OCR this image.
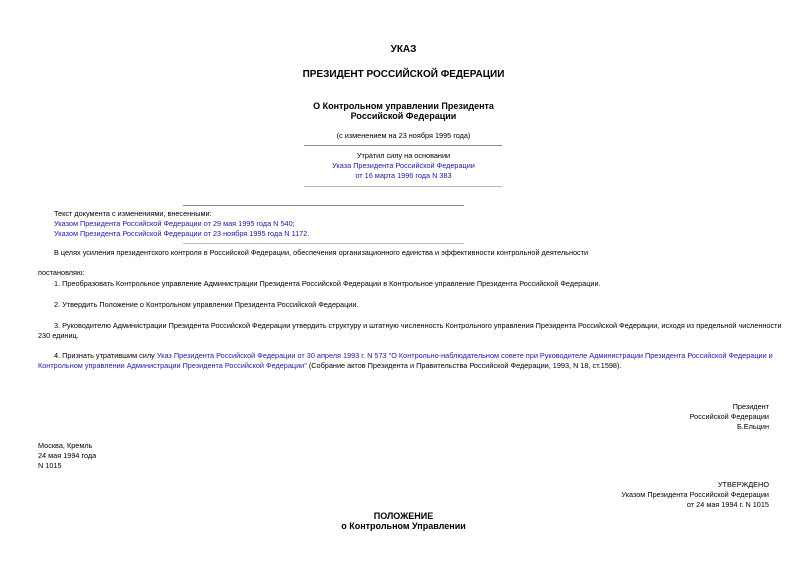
УКАЗ
ПРЕЗИДЕНТ РОССИЙСКОЙ ФЕДЕРАЦИИ
О Контрольном управлении Президента
Российской Федерации
(с изменением на 23 ноября 1995 года)
Утратил силу на основании
Указа Президента Российской Федерации
от 16 марта 1996 года N 383
Текст документа с изменениями, внесенными:
Указом Президента Российской Федерации от 29 мая 1995 года N 540;
Указом Президента Российской Федерации от 23 ноября 1995 года N 1172.
В целях усиления президентского контроля в Российской Федерации, обеспечения организационного единства и эффективности контрольной деятельности
постановляю:
1. Преобразовать Контрольное управление Администрации Президента Российской Федерации в Контрольное управление Президента Российской Федерации.
2. Утвердить Положение о Контрольном управлении Президента Российской Федерации.
3. Руководителю Администрации Президента Российской Федерации утвердить структуру и штатную численность Контрольного управления Президента Российской Федерации, исходя из предельной численности
230 единиц.
4. Признать утратившим силу Указ Президента Российской Федерации от 30 апреля 1993 г. N 573 "О Контрольно-наблюдательном совете при Руководителе Администрации Президента Российской Федерации и
Контрольном управлении Администрации Президента Российской Федерации" (Собрание актов Президента и Правительства Российской Федерации, 1993, N 18, ст.1598).
Президент
Российской Федерации
Б.Ельцин
Москва, Кремль
24 мая 1994 года
N 1015
УТВЕРЖДЕНО
Указом Президента Российской Федерации
от 24 мая 1994 г. N 1015
ПОЛОЖЕНИЕ
о Контрольном Управлении
